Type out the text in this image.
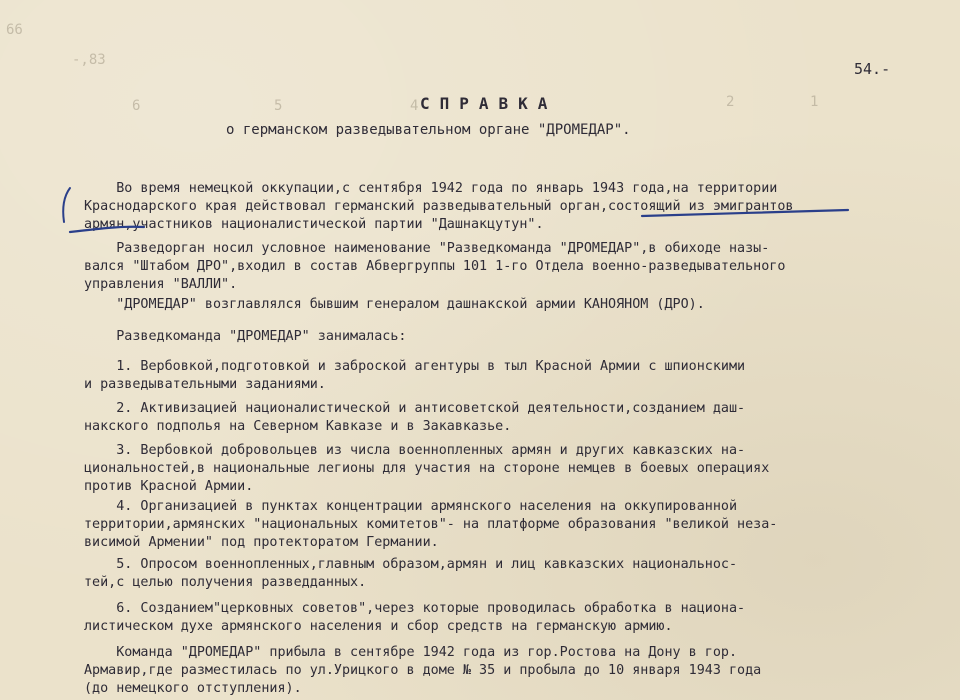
66
-,83
1
2
4
5
6
54.-
СПРАВКА
о германском разведывательном органе "ДРОМЕДАР".
Во время немецкой оккупации,с сентября 1942 года по январь 1943 года,на территории
Краснодарского края действовал германский разведывательный орган,состоящий из эмигрантов
армян,участников националистической партии "Дашнакцутун".
Разведорган носил условное наименование "Разведкоманда "ДРОМЕДАР",в обиходе назы-
вался "Штабом ДРО",входил в состав Абвергруппы 101 1-го Отдела военно-разведывательного
управления "ВАЛЛИ".
"ДРОМЕДАР" возглавлялся бывшим генералом дашнакской армии КАНОЯНОМ (ДРО).
Разведкоманда "ДРОМЕДАР" занималась:
1. Вербовкой,подготовкой и заброской агентуры в тыл Красной Армии с шпионскими
и разведывательными заданиями.
2. Активизацией националистической и антисоветской деятельности,созданием даш-
накского подполья на Северном Кавказе и в Закавказье.
3. Вербовкой добровольцев из числа военнопленных армян и других кавказских на-
циональностей,в национальные легионы для участия на стороне немцев в боевых операциях
против Красной Армии.
4. Организацией в пунктах концентрации армянского населения на оккупированной
территории,армянских "национальных комитетов"- на платформе образования "великой неза-
висимой Армении" под протекторатом Германии.
5. Опросом военнопленных,главным образом,армян и лиц кавказских национальнос-
тей,с целью получения разведданных.
6. Созданием"церковных советов",через которые проводилась обработка в национа-
листическом духе армянского населения и сбор средств на германскую армию.
Команда "ДРОМЕДАР" прибыла в сентябре 1942 года из гор.Ростова на Дону в гор.
Армавир,где разместилась по ул.Урицкого в доме № 35 и пробыла до 10 января 1943 года
(до немецкого отступления).
